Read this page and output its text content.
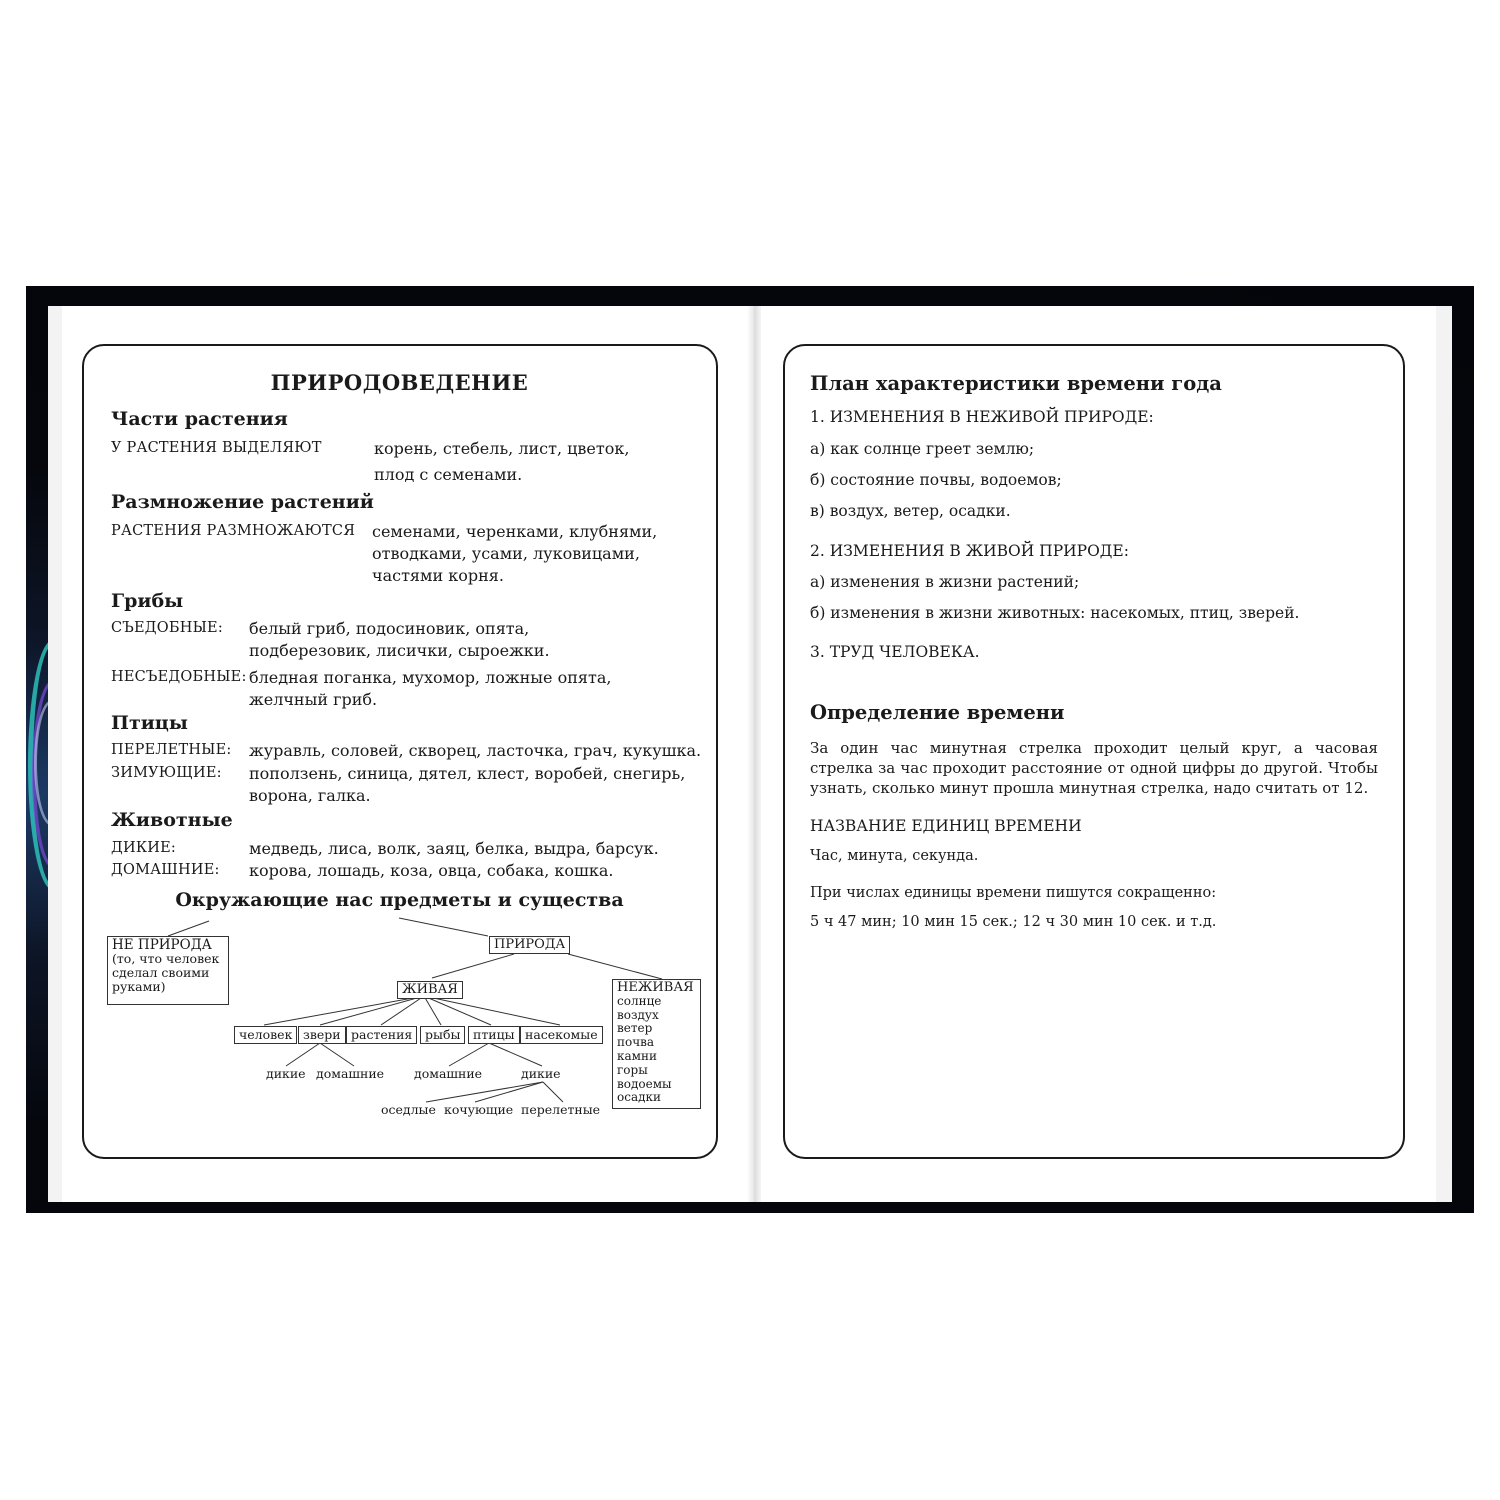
ПРИРОДОВЕДЕНИЕ
Части растения
У РАСТЕНИЯ ВЫДЕЛЯЮТ	корень, стебель, лист, цветок,
плод с семенами.
Размножение растений
РАСТЕНИЯ РАЗМНОЖАЮТСЯ семенами, черенками, клубнями,
отводками, усами, луковицами,
частями корня.
Грибы
СЪЕДОБНЫЕ: белый гриб, подосиновик, опята,
подберезовик, лисички, сыроежки.
НЕСЪЕДОБНЫЕ: бледная поганка, мухомор, ложные опята,
желчный гриб.
Птицы
ПЕРЕЛЕТНЫЕ: журавль, соловей, скворец, ласточка, грач, кукушка.
ЗИМУЮЩИЕ: поползень, синица, дятел, клест, воробей, снегирь,
ворона, галка.
Животные
ДИКИЕ:	медведь, лиса, волк, заяц, белка, выдра, барсук.
ДОМАШНИЕ: корова, лошадь, коза, овца, собака, кошка.
Окружающие нас предметы и существа
НЕ ПРИРОДА
(то, что человек
сделал своими
руками)
ПРИРОДА
ЖИВАЯ	НЕЖИВАЯ
солнце
воздух
ветер
почва
камни
горы
водоемы
осадки
человек звери растения	рыбы	птицы насекомые
дикие домашние домашние	дикие
оседлые кочующие перелетные
План характеристики времени года
1. ИЗМЕНЕНИЯ В НЕЖИВОЙ ПРИРОДЕ:
а) как солнце греет землю;
б) состояние почвы, водоемов;
в) воздух, ветер, осадки.
2. ИЗМЕНЕНИЯ В ЖИВОЙ ПРИРОДЕ:
а) изменения в жизни растений;
б) изменения в жизни животных: насекомых, птиц, зверей.
3. ТРУД ЧЕЛОВЕКА.
Определение времени
За один час минутная стрелка проходит целый круг, а часовая стрелка за час проходит расстояние от одной цифры до другой. Чтобы узнать, сколько минут прошла минутная стрелка, надо считать от 12.
НАЗВАНИЕ ЕДИНИЦ ВРЕМЕНИ
Час, минута, секунда.
При числах единицы времени пишутся сокращенно:
5 ч 47 мин; 10 мин 15 сек.; 12 ч 30 мин 10 сек. и т.д.
